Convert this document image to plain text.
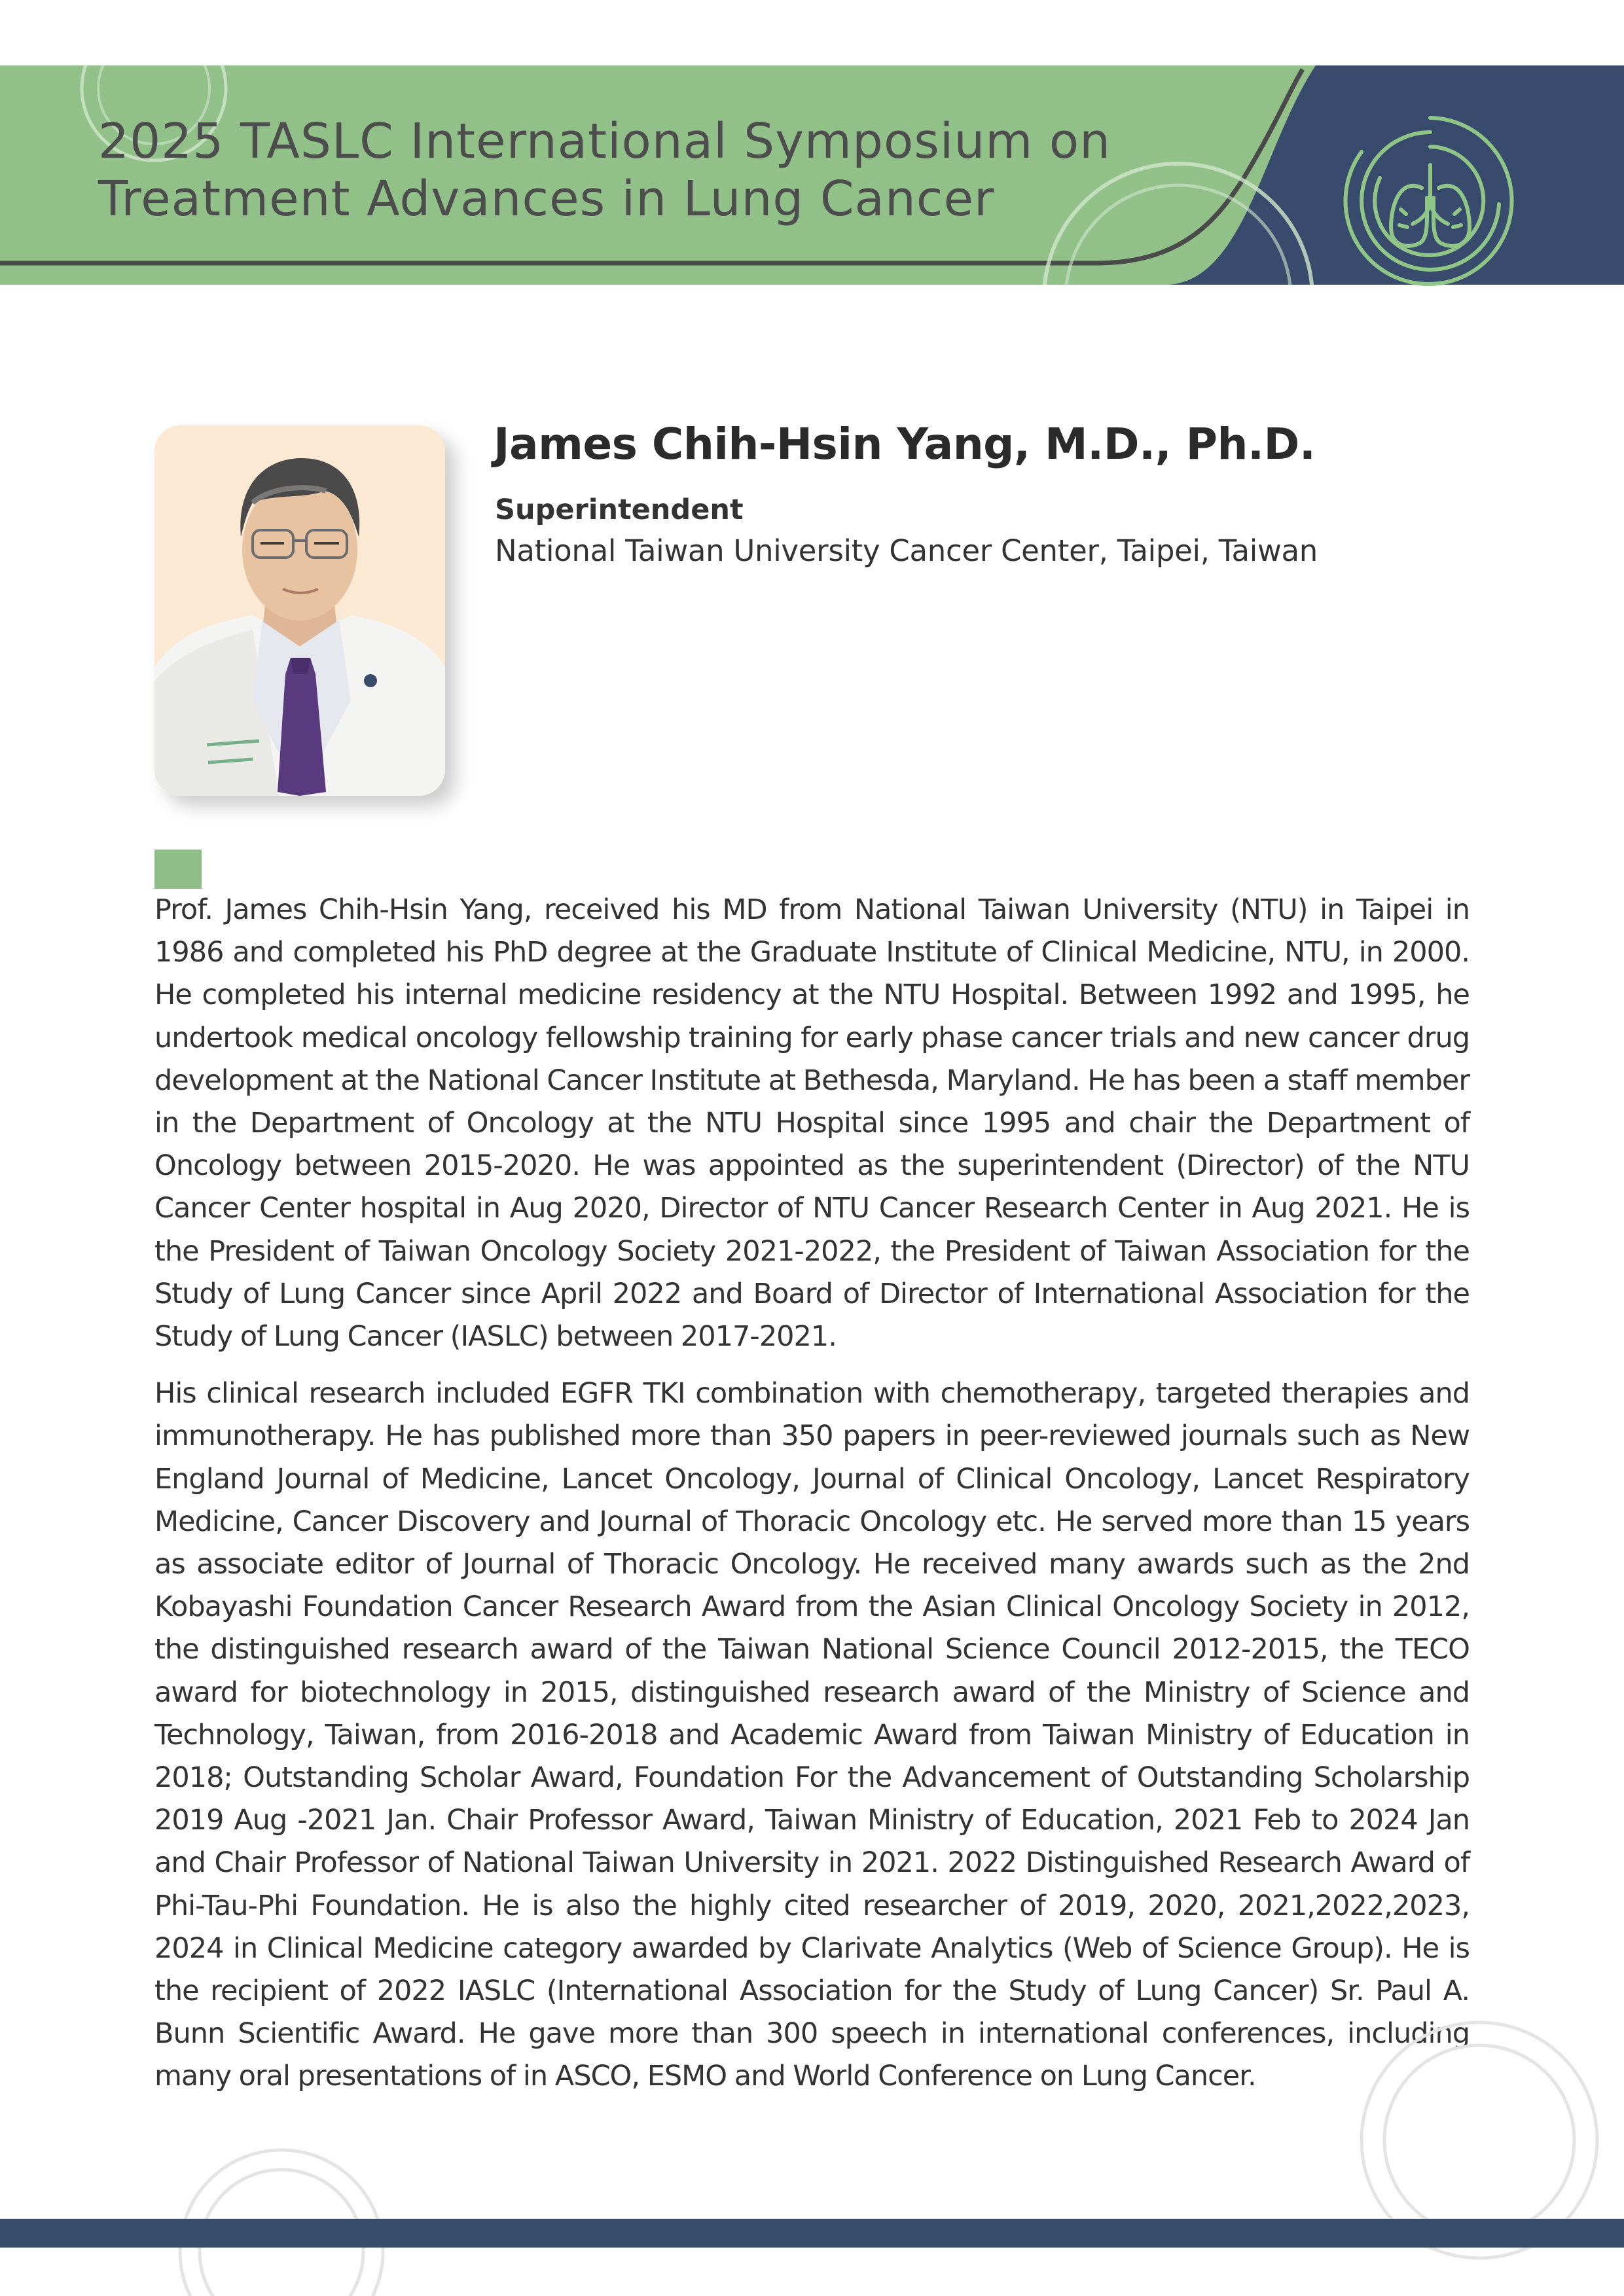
2025 TASLC International Symposium on
Treatment Advances in Lung Cancer
James Chih-Hsin Yang, M.D., Ph.D.
Superintendent
National Taiwan University Cancer Center, Taipei, Taiwan

Prof. James Chih-Hsin Yang, received his MD from National Taiwan University (NTU) in Taipei in 1986 and completed his PhD degree at the Graduate Institute of Clinical Medicine, NTU, in 2000. He completed his internal medicine residency at the NTU Hospital. Between 1992 and 1995, he undertook medical oncology fellowship training for early phase cancer trials and new cancer drug development at the National Cancer Institute at Bethesda, Maryland. He has been a staff member in the Department of Oncology at the NTU Hospital since 1995 and chair the Department of Oncology between 2015-2020. He was appointed as the superintendent (Director) of the NTU Cancer Center hospital in Aug 2020, Director of NTU Cancer Research Center in Aug 2021. He is the President of Taiwan Oncology Society 2021-2022, the President of Taiwan Association for the Study of Lung Cancer since April 2022 and Board of Director of International Association for the Study of Lung Cancer (IASLC) between 2017-2021.

His clinical research included EGFR TKI combination with chemotherapy, targeted therapies and immunotherapy. He has published more than 350 papers in peer-reviewed journals such as New England Journal of Medicine, Lancet Oncology, Journal of Clinical Oncology, Lancet Respiratory Medicine, Cancer Discovery and Journal of Thoracic Oncology etc. He served more than 15 years as associate editor of Journal of Thoracic Oncology. He received many awards such as the 2nd Kobayashi Foundation Cancer Research Award from the Asian Clinical Oncology Society in 2012, the distinguished research award of the Taiwan National Science Council 2012-2015, the TECO award for biotechnology in 2015, distinguished research award of the Ministry of Science and Technology, Taiwan, from 2016-2018 and Academic Award from Taiwan Ministry of Education in 2018; Outstanding Scholar Award, Foundation For the Advancement of Outstanding Scholarship 2019 Aug -2021 Jan. Chair Professor Award, Taiwan Ministry of Education, 2021 Feb to 2024 Jan and Chair Professor of National Taiwan University in 2021. 2022 Distinguished Research Award of Phi-Tau-Phi Foundation. He is also the highly cited researcher of 2019, 2020, 2021,2022,2023, 2024 in Clinical Medicine category awarded by Clarivate Analytics (Web of Science Group). He is the recipient of 2022 IASLC (International Association for the Study of Lung Cancer) Sr. Paul A. Bunn Scientific Award. He gave more than 300 speech in international conferences, including many oral presentations of in ASCO, ESMO and World Conference on Lung Cancer.
